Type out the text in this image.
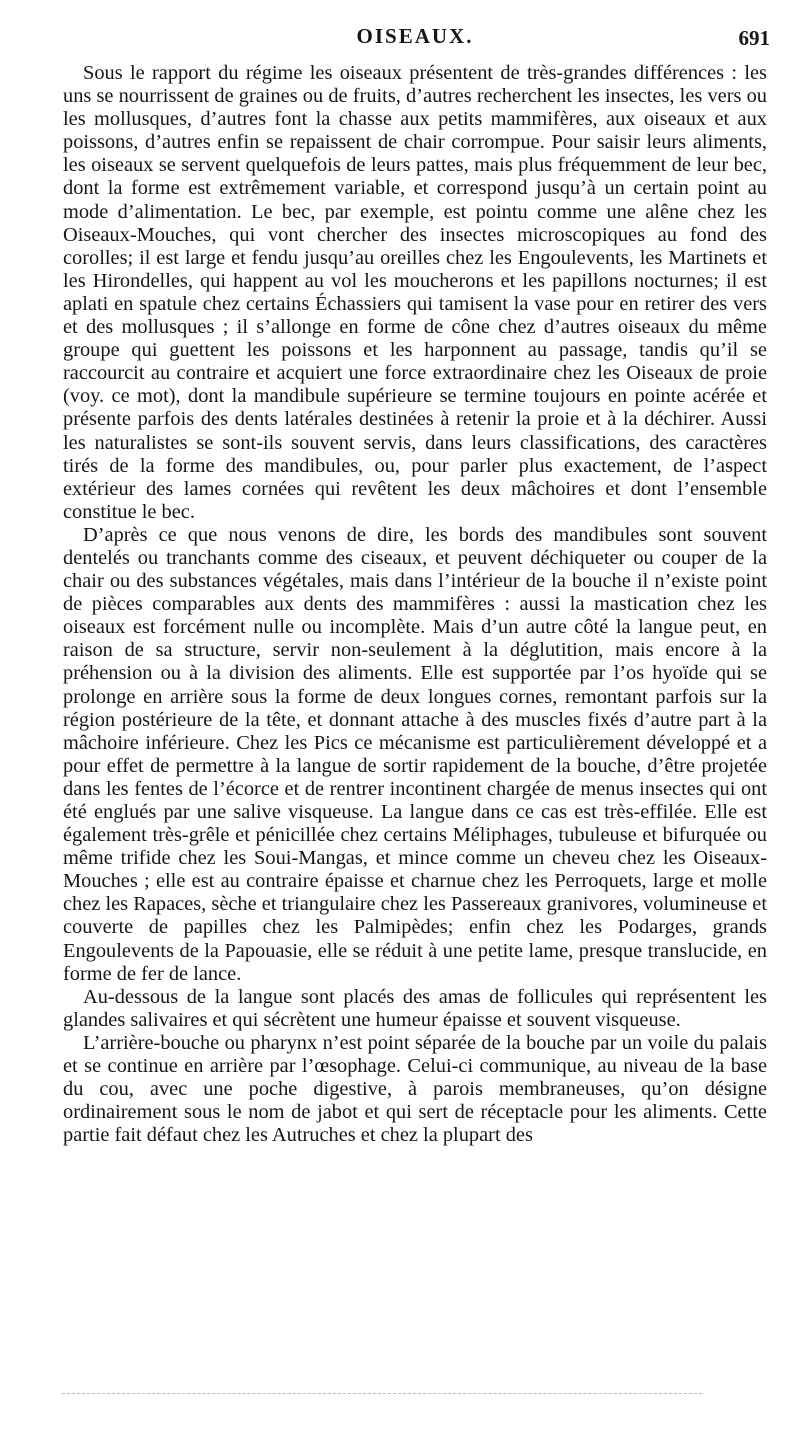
OISEAUX.	691

Sous le rapport du régime les oiseaux présentent de très-grandes différences : les uns se nourrissent de graines ou de fruits, d’autres recherchent les insectes, les vers ou les mollusques, d’autres font la chasse aux petits mammifères, aux oiseaux et aux poissons, d’autres enfin se repaissent de chair corrompue. Pour saisir leurs aliments, les oiseaux se servent quelquefois de leurs pattes, mais plus fréquemment de leur bec, dont la forme est extrêmement variable, et correspond jusqu’à un certain point au mode d’alimentation. Le bec, par exemple, est pointu comme une alêne chez les Oiseaux-Mouches, qui vont chercher des insectes microscopiques au fond des corolles; il est large et fendu jusqu’au oreilles chez les Engoulevents, les Martinets et les Hirondelles, qui happent au vol les moucherons et les papillons nocturnes; il est aplati en spatule chez certains Échassiers qui tamisent la vase pour en retirer des vers et des mollusques ; il s’allonge en forme de cône chez d’autres oiseaux du même groupe qui guettent les poissons et les harponnent au passage, tandis qu’il se raccourcit au contraire et acquiert une force extraordinaire chez les Oiseaux de proie (voy. ce mot), dont la mandibule supérieure se termine toujours en pointe acérée et présente parfois des dents latérales destinées à retenir la proie et à la déchirer. Aussi les naturalistes se sont-ils souvent servis, dans leurs classifications, des caractères tirés de la forme des mandibules, ou, pour parler plus exactement, de l’aspect extérieur des lames cornées qui revêtent les deux mâchoires et dont l’ensemble constitue le bec.

D’après ce que nous venons de dire, les bords des mandibules sont souvent dentelés ou tranchants comme des ciseaux, et peuvent déchiqueter ou couper de la chair ou des substances végétales, mais dans l’intérieur de la bouche il n’existe point de pièces comparables aux dents des mammifères : aussi la mastication chez les oiseaux est forcément nulle ou incomplète. Mais d’un autre côté la langue peut, en raison de sa structure, servir non-seulement à la déglutition, mais encore à la préhension ou à la division des aliments. Elle est supportée par l’os hyoïde qui se prolonge en arrière sous la forme de deux longues cornes, remontant parfois sur la région postérieure de la tête, et donnant attache à des muscles fixés d’autre part à la mâchoire inférieure. Chez les Pics ce mécanisme est particulièrement développé et a pour effet de permettre à la langue de sortir rapidement de la bouche, d’être projetée dans les fentes de l’écorce et de rentrer incontinent chargée de menus insectes qui ont été englués par une salive visqueuse. La langue dans ce cas est très-effilée. Elle est également très-grêle et pénicillée chez certains Méliphages, tubuleuse et bifurquée ou même trifide chez les Soui-Mangas, et mince comme un cheveu chez les Oiseaux-Mouches ; elle est au contraire épaisse et charnue chez les Perroquets, large et molle chez les Rapaces, sèche et triangulaire chez les Passereaux granivores, volumineuse et couverte de papilles chez les Palmipèdes; enfin chez les Podarges, grands Engoulevents de la Papouasie, elle se réduit à une petite lame, presque translucide, en forme de fer de lance.

Au-dessous de la langue sont placés des amas de follicules qui représentent les glandes salivaires et qui sécrètent une humeur épaisse et souvent visqueuse.

L’arrière-bouche ou pharynx n’est point séparée de la bouche par un voile du palais et se continue en arrière par l’œsophage. Celui-ci communique, au niveau de la base du cou, avec une poche digestive, à parois membraneuses, qu’on désigne ordinairement sous le nom de jabot et qui sert de réceptacle pour les aliments. Cette partie fait défaut chez les Autruches et chez la plupart des
